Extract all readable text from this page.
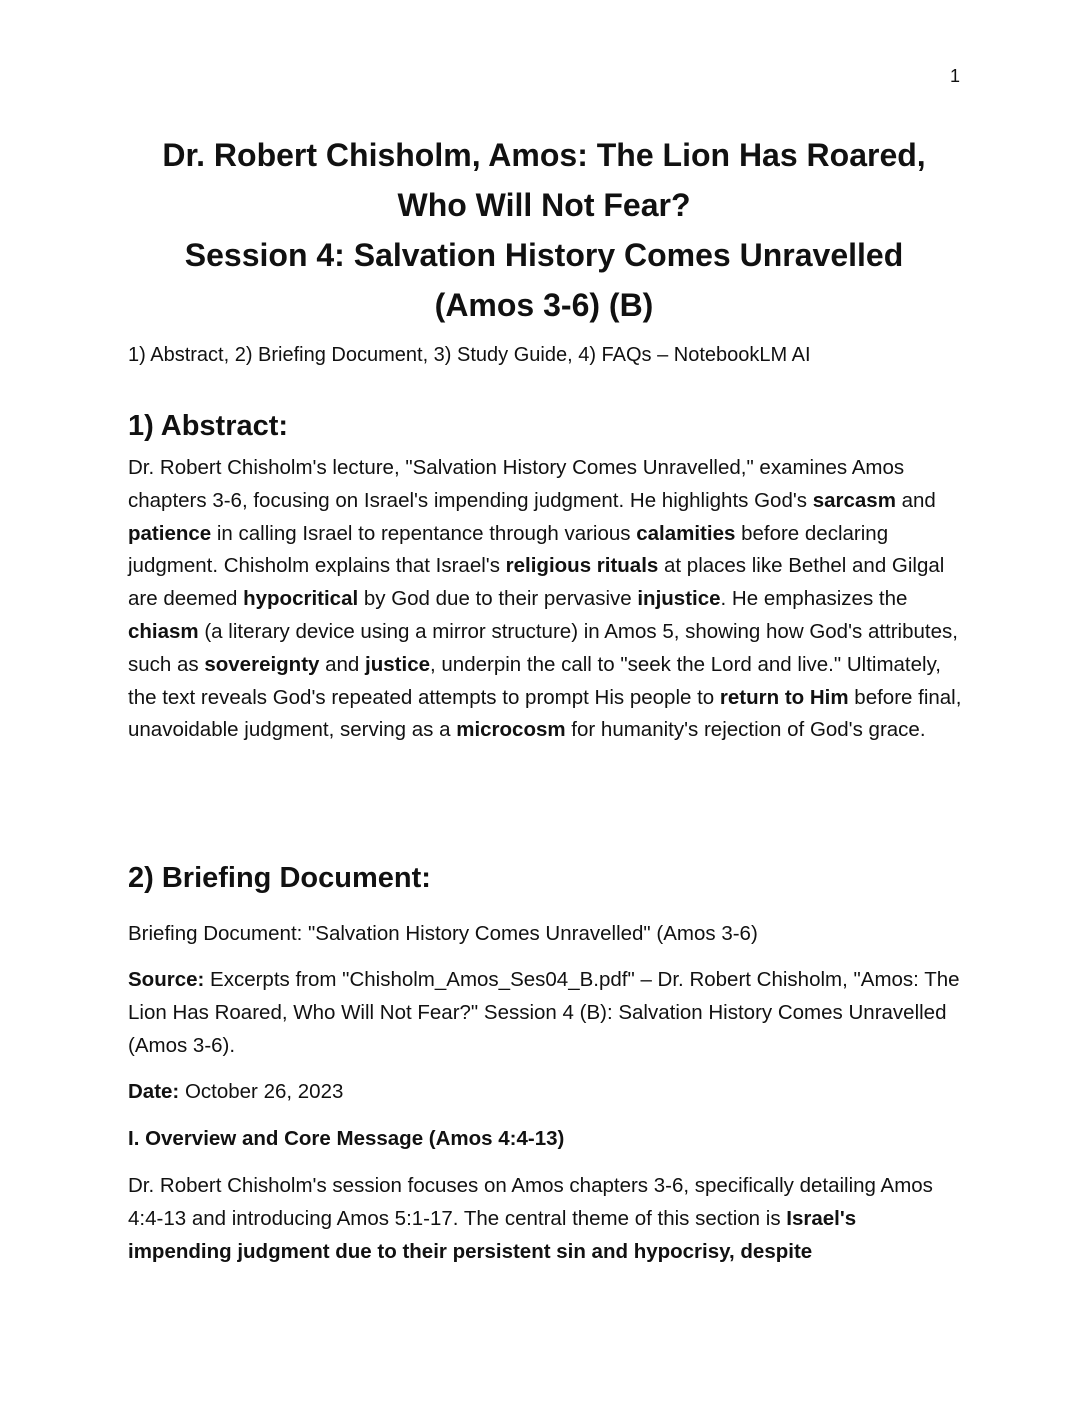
1
Dr. Robert Chisholm, Amos: The Lion Has Roared,
Who Will Not Fear?
Session 4: Salvation History Comes Unravelled
(Amos 3-6) (B)
1) Abstract, 2) Briefing Document, 3) Study Guide, 4) FAQs – NotebookLM AI
1) Abstract:

Dr. Robert Chisholm's lecture, "Salvation History Comes Unravelled," examines Amos chapters 3-6, focusing on Israel's impending judgment. He highlights God's sarcasm and patience in calling Israel to repentance through various calamities before declaring judgment. Chisholm explains that Israel's religious rituals at places like Bethel and Gilgal are deemed hypocritical by God due to their pervasive injustice. He emphasizes the chiasm (a literary device using a mirror structure) in Amos 5, showing how God's attributes, such as sovereignty and justice, underpin the call to "seek the Lord and live." Ultimately, the text reveals God's repeated attempts to prompt His people to return to Him before final, unavoidable judgment, serving as a microcosm for humanity's rejection of God's grace.

2) Briefing Document:

Briefing Document: "Salvation History Comes Unravelled" (Amos 3-6)

Source: Excerpts from "Chisholm_Amos_Ses04_B.pdf" – Dr. Robert Chisholm, "Amos: The Lion Has Roared, Who Will Not Fear?" Session 4 (B): Salvation History Comes Unravelled (Amos 3-6).

Date: October 26, 2023

I. Overview and Core Message (Amos 4:4-13)

Dr. Robert Chisholm's session focuses on Amos chapters 3-6, specifically detailing Amos 4:4-13 and introducing Amos 5:1-17. The central theme of this section is Israel's impending judgment due to their persistent sin and hypocrisy, despite
